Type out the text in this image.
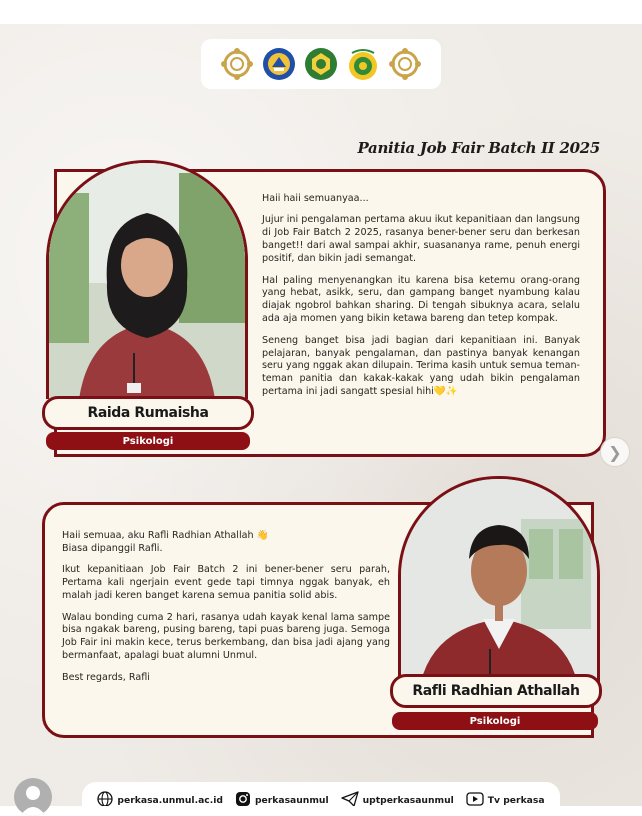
Panitia Job Fair Batch II 2025
Raida Rumaisha
Psikologi

Haii haii semuanyaa...

Jujur ini pengalaman pertama akuu ikut kepanitiaan dan langsung di Job Fair Batch 2 2025, rasanya bener-bener seru dan berkesan banget!! dari awal sampai akhir, suasananya rame, penuh energi positif, dan bikin jadi semangat.

Hal paling menyenangkan itu karena bisa ketemu orang-orang yang hebat, asikk, seru, dan gampang banget nyambung kalau diajak ngobrol bahkan sharing. Di tengah sibuknya acara, selalu ada aja momen yang bikin ketawa bareng dan tetep kompak.

Seneng banget bisa jadi bagian dari kepanitiaan ini. Banyak pelajaran, banyak pengalaman, dan pastinya banyak kenangan seru yang nggak akan dilupain. Terima kasih untuk semua teman-teman panitia dan kakak-kakak yang udah bikin pengalaman pertama ini jadi sangatt spesial hihi💛✨

❯
Rafli Radhian Athallah
Psikologi

Haii semuaa, aku Rafli Radhian Athallah 👋
Biasa dipanggil Rafli.

Ikut kepanitiaan Job Fair Batch 2 ini bener-bener seru parah, Pertama kali ngerjain event gede tapi timnya nggak banyak, eh malah jadi keren banget karena semua panitia solid abis.

Walau bonding cuma 2 hari, rasanya udah kayak kenal lama sampe bisa ngakak bareng, pusing bareng, tapi puas bareng juga. Semoga Job Fair ini makin kece, terus berkembang, dan bisa jadi ajang yang bermanfaat, apalagi buat alumni Unmul.

Best regards, Rafli

perkasa.unmul.ac.id	perkasaunmul	uptperkasaunmul	Tv perkasa
